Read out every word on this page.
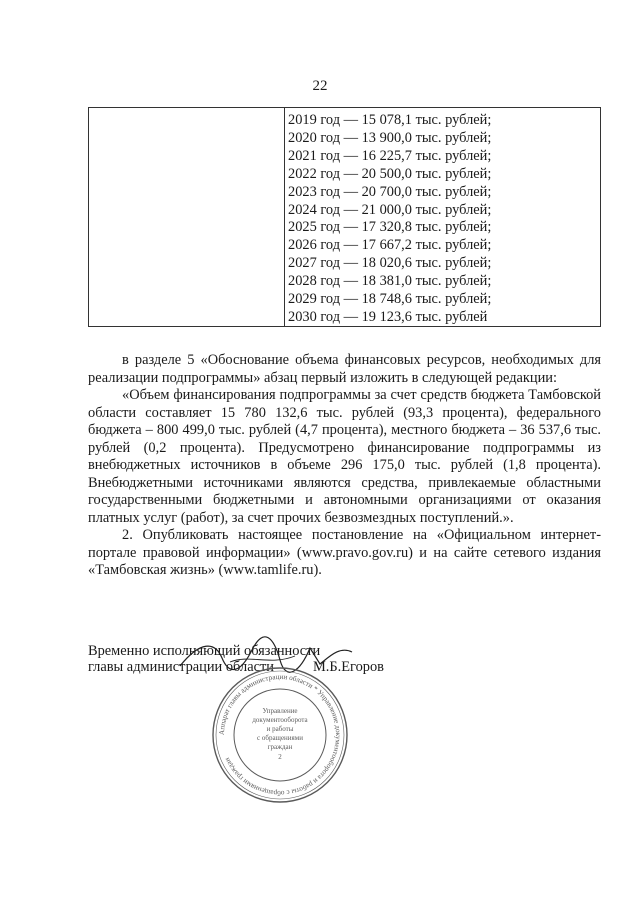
22
2019 год — 15 078,1 тыс. рублей;
2020 год — 13 900,0 тыс. рублей;
2021 год — 16 225,7 тыс. рублей;
2022 год — 20 500,0 тыс. рублей;
2023 год — 20 700,0 тыс. рублей;
2024 год — 21 000,0 тыс. рублей;
2025 год — 17 320,8 тыс. рублей;
2026 год — 17 667,2 тыс. рублей;
2027 год — 18 020,6 тыс. рублей;
2028 год — 18 381,0 тыс. рублей;
2029 год — 18 748,6 тыс. рублей;
2030 год — 19 123,6 тыс. рублей

в разделе 5 «Обоснование объема финансовых ресурсов, необходимых для реализации подпрограммы» абзац первый изложить в следующей редакции:

«Объем финансирования подпрограммы за счет средств бюджета Тамбовской области составляет 15 780 132,6 тыс. рублей (93,3 процента), федерального бюджета – 800 499,0 тыс. рублей (4,7 процента), местного бюджета – 36 537,6 тыс. рублей (0,2 процента). Предусмотрено финансирование подпрограммы из внебюджетных источников в объеме 296 175,0 тыс. рублей (1,8 процента). Внебюджетными источниками являются средства, привлекаемые областными государственными бюджетными и автономными организациями от оказания платных услуг (работ), за счет прочих безвозмездных поступлений.».

2. Опубликовать настоящее постановление на «Официальном интернет-портале правовой информации» (www.pravo.gov.ru) и на сайте сетевого издания «Тамбовская жизнь» (www.tamlife.ru).

Временно исполняющий обязанности
главы администрации области	М.Б.Егоров
Аппарат главы администрации области * Управление документооборота и работы с обращениями граждан
Управление
документооборота
и работы
с обращениями
граждан
2
